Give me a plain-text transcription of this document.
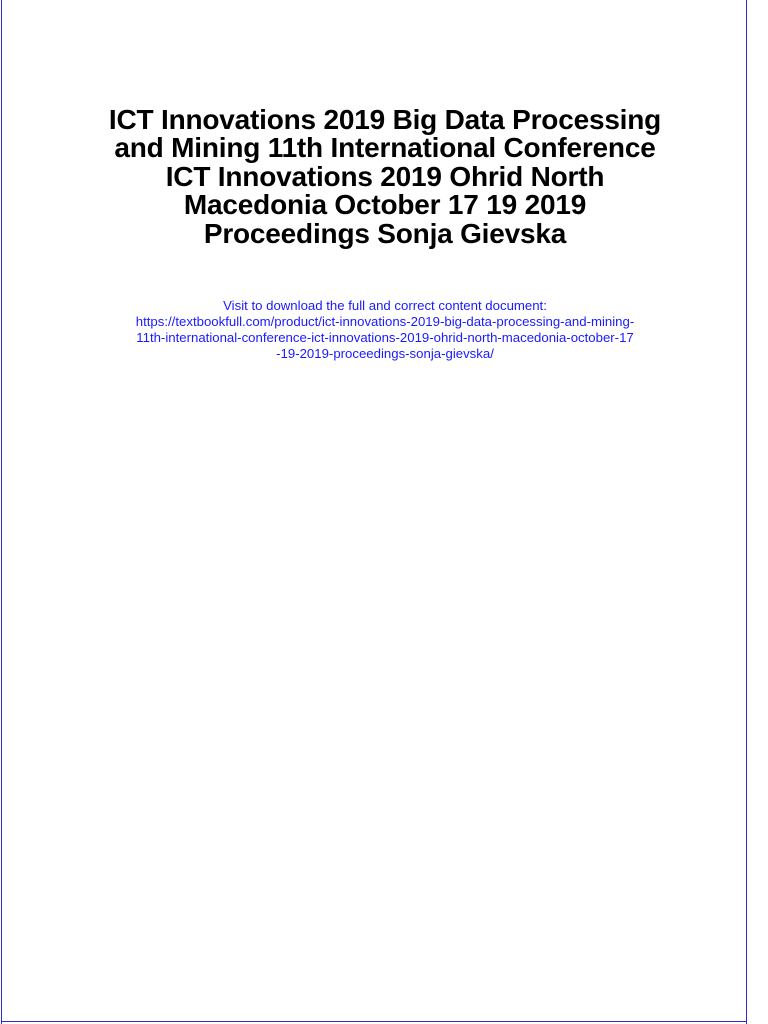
ICT Innovations 2019 Big Data Processing and Mining 11th International Conference ICT Innovations 2019 Ohrid North Macedonia October 17 19 2019 Proceedings Sonja Gievska
Visit to download the full and correct content document:
https://textbookfull.com/product/ict-innovations-2019-big-data-processing-and-mining-
11th-international-conference-ict-innovations-2019-ohrid-north-macedonia-october-17
-19-2019-proceedings-sonja-gievska/
